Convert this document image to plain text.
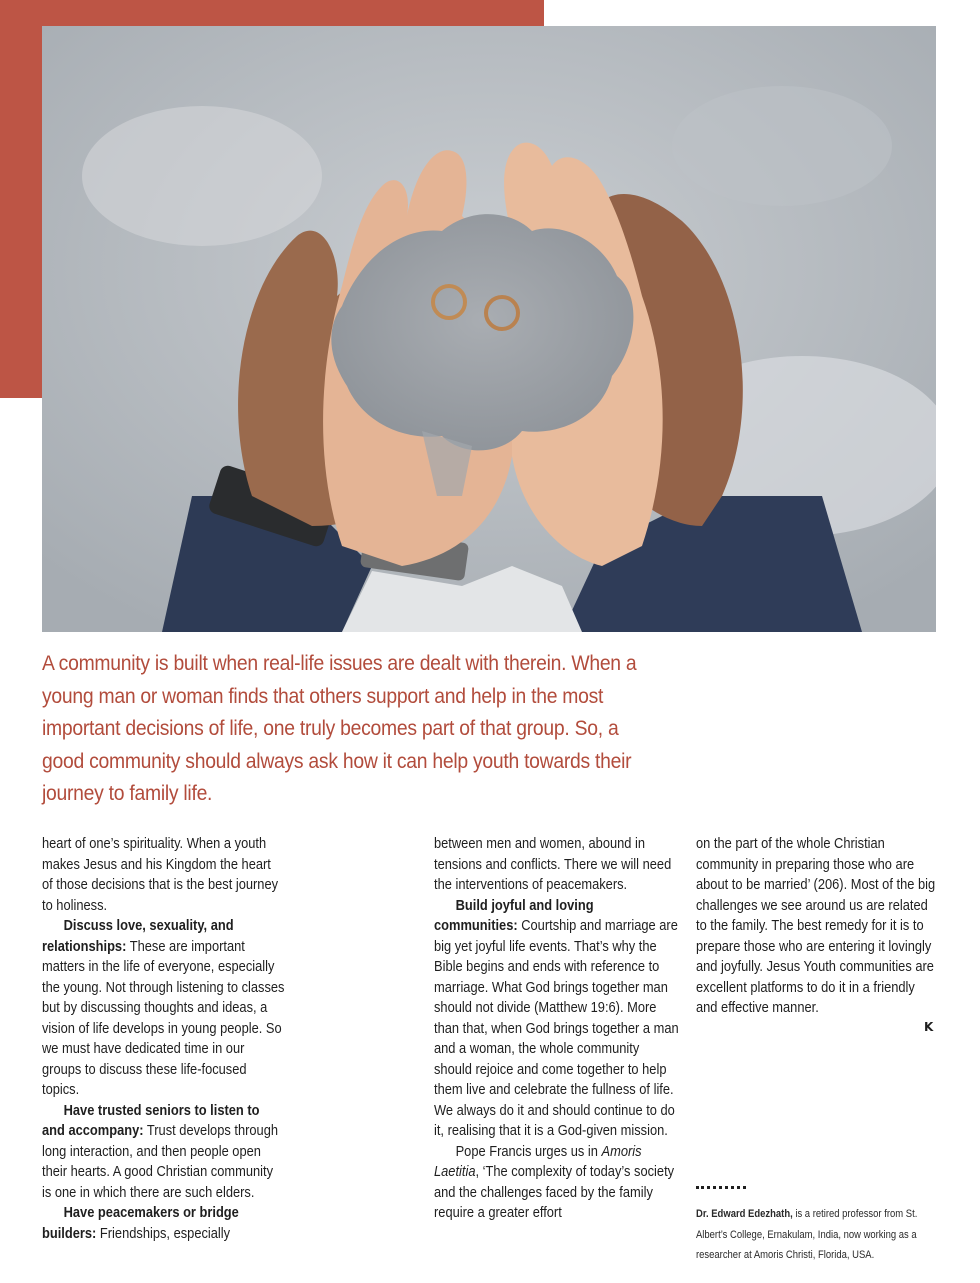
A community is built when real-life issues are dealt with therein. When a young man or woman finds that others support and help in the most important decisions of life, one truly becomes part of that group. So, a good community should always ask how it can help youth towards their journey to family life.

heart of one’s spirituality. When a youth makes Jesus and his Kingdom the heart of those decisions that is the best journey to holiness.

Discuss love, sexuality, and relationships: These are important matters in the life of everyone, especially the young. Not through listening to classes but by discussing thoughts and ideas, a vision of life develops in young people. So we must have dedicated time in our groups to discuss these life-focused topics.

Have trusted seniors to listen to and accompany: Trust develops through long interaction, and then people open their hearts. A good Christian community is one in which there are such elders.

Have peacemakers or bridge builders: Friendships, especially

between men and women, abound in tensions and conflicts. There we will need the interventions of peacemakers.

Build joyful and loving communities: Courtship and marriage are big yet joyful life events. That’s why the Bible begins and ends with reference to marriage. What God brings together man should not divide (Matthew 19:6). More than that, when God brings together a man and a woman, the whole community should rejoice and come together to help them live and celebrate the fullness of life. We always do it and should continue to do it, realising that it is a God-given mission.

Pope Francis urges us in Amoris Laetitia, ‘The complexity of today’s society and the challenges faced by the family require a greater effort

on the part of the whole Christian community in preparing those who are about to be married’ (206). Most of the big challenges we see around us are related to the family. The best remedy for it is to prepare those who are entering it lovingly and joyfully. Jesus Youth communities are excellent platforms to do it in a friendly and effective manner.

K
Dr. Edward Edezhath, is a retired professor from St. Albert’s College, Ernakulam, India, now working as a researcher at Amoris Christi, Florida, USA.
